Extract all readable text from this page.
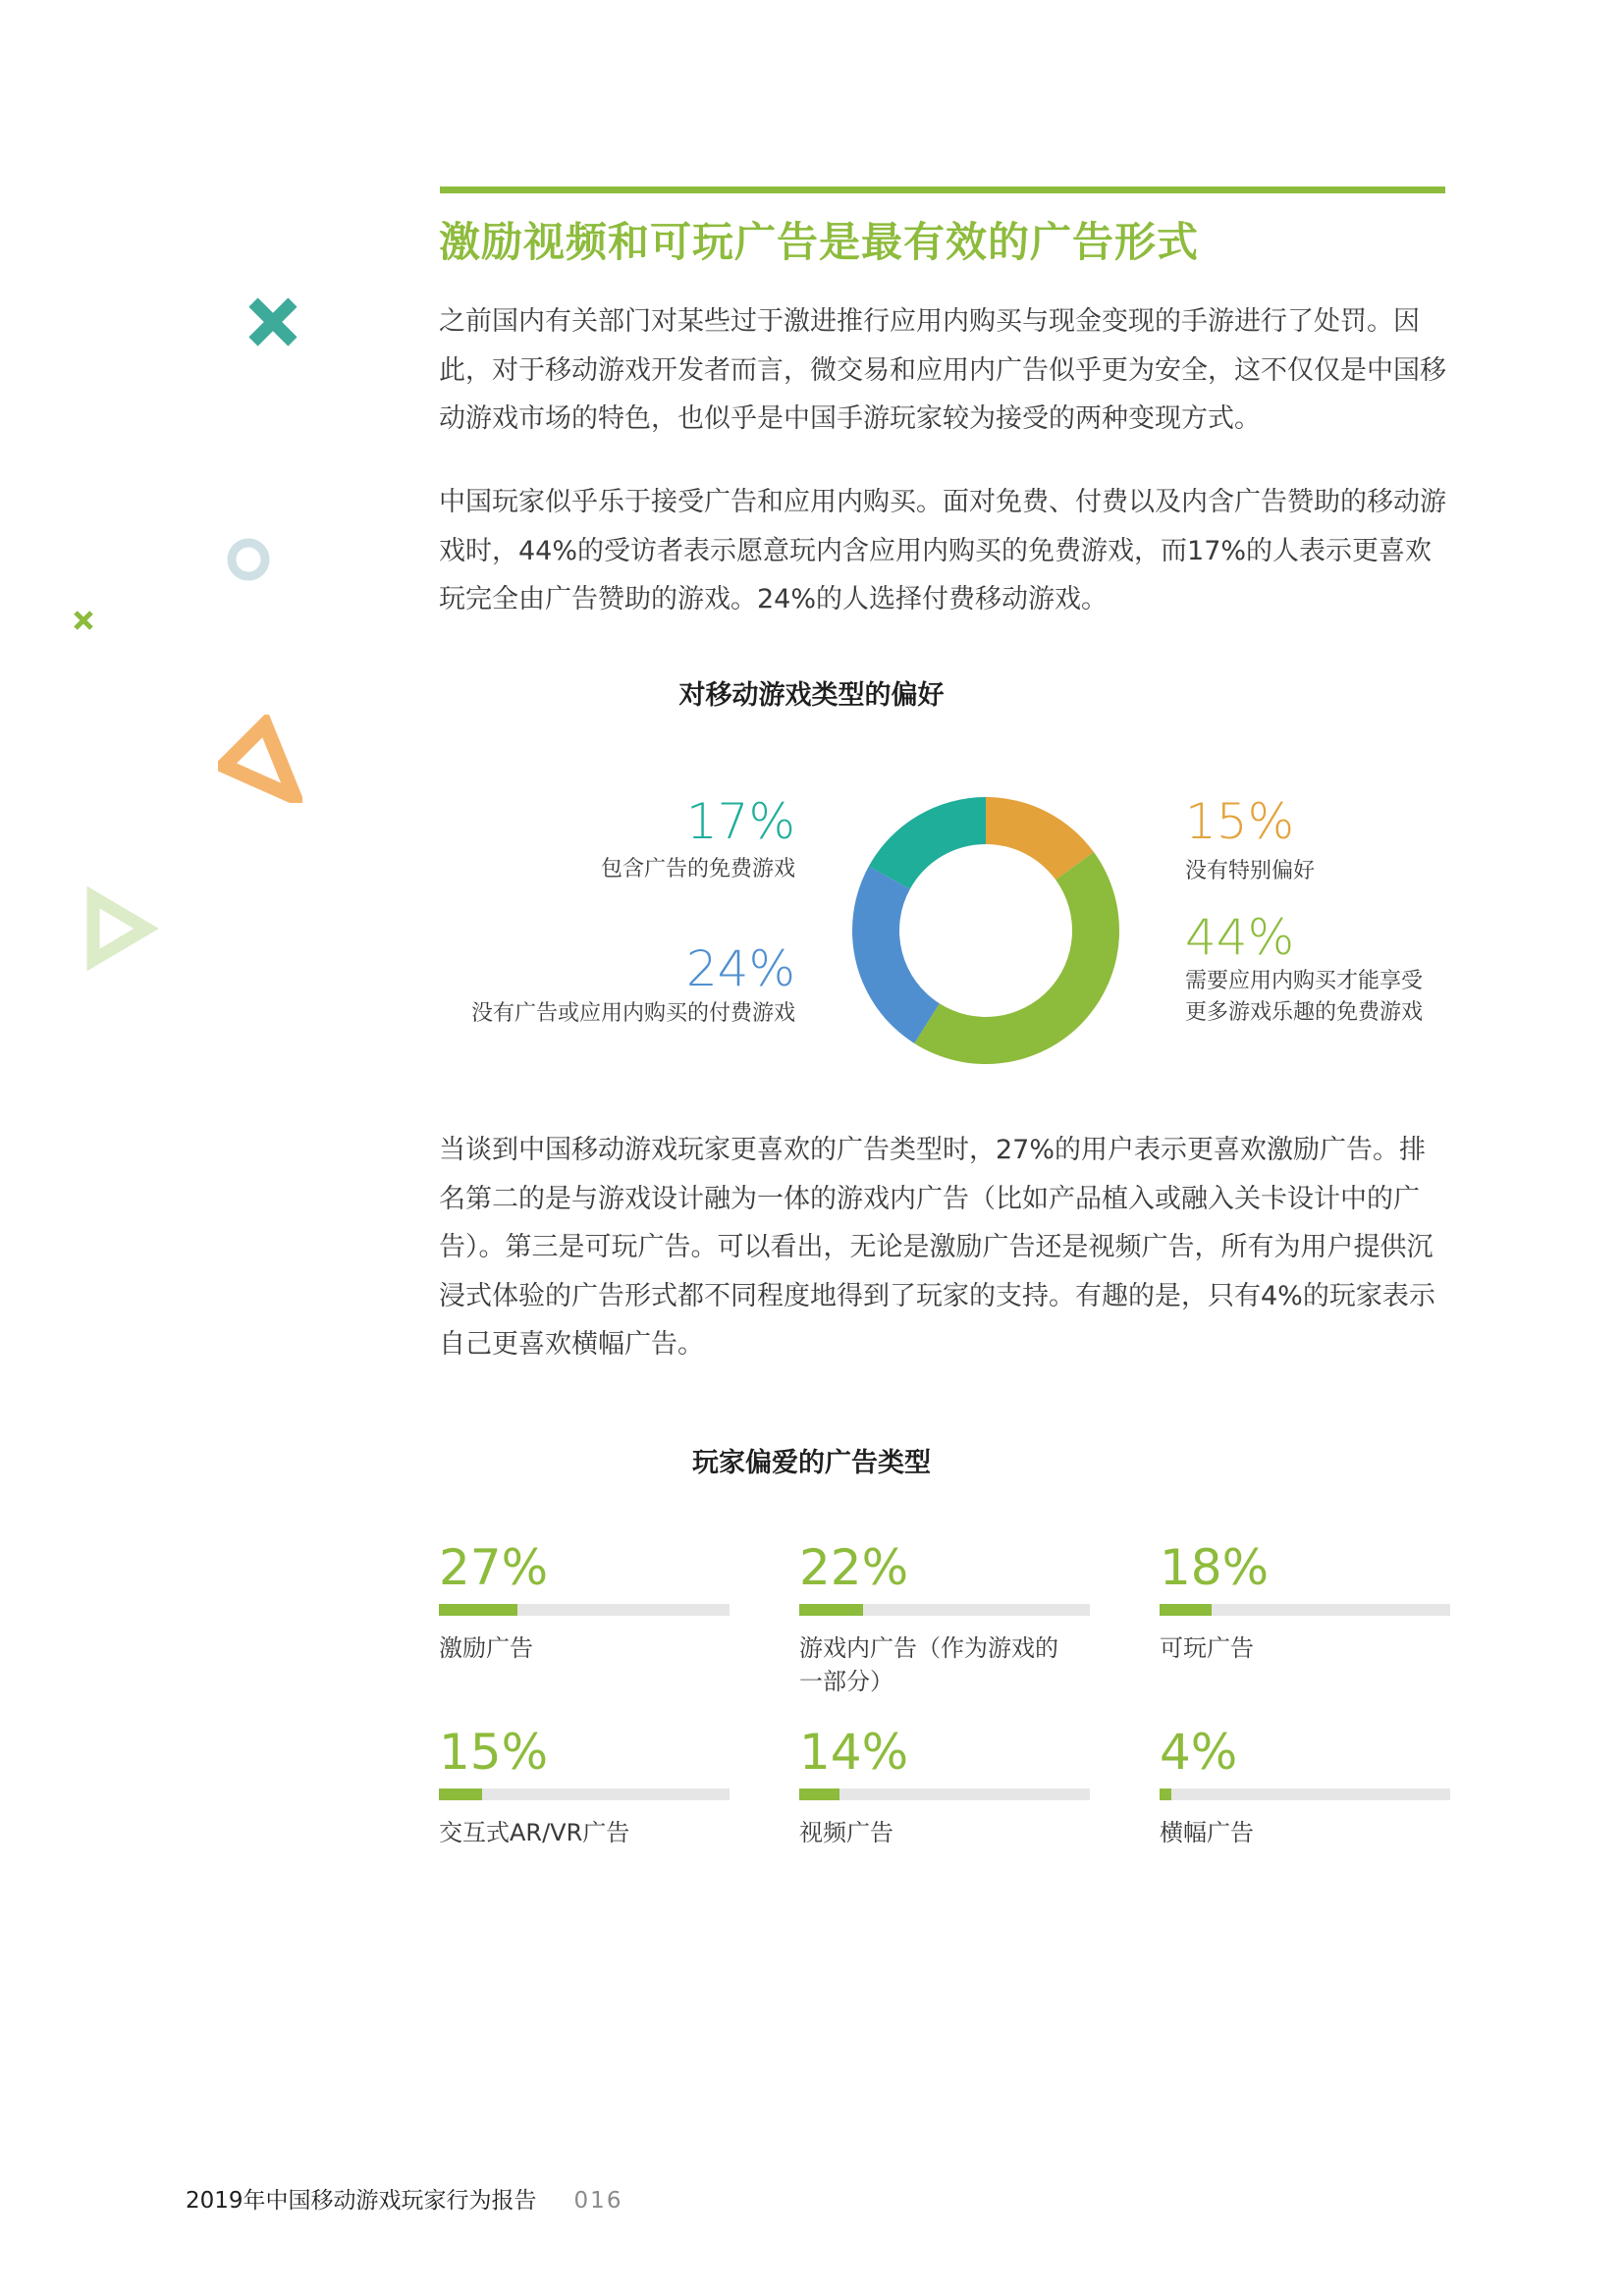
激励视频和可玩广告是最有效的广告形式
之前国内有关部门对某些过于激进推行应用内购买与现金变现的手游进行了处罚。因此，对于移动游戏开发者而言，微交易和应用内广告似乎更为安全，这不仅仅是中国移动游戏市场的特色，也似乎是中国手游玩家较为接受的两种变现方式。
中国玩家似乎乐于接受广告和应用内购买。面对免费、付费以及内含广告赞助的移动游戏时，44%的受访者表示愿意玩内含应用内购买的免费游戏，而17%的人表示更喜欢玩完全由广告赞助的游戏。24%的人选择付费移动游戏。
对移动游戏类型的偏好
17%
包含广告的免费游戏
24%
没有广告或应用内购买的付费游戏
15%
没有特别偏好
44%
需要应用内购买才能享受
更多游戏乐趣的免费游戏
当谈到中国移动游戏玩家更喜欢的广告类型时，27%的用户表示更喜欢激励广告。排名第二的是与游戏设计融为一体的游戏内广告（比如产品植入或融入关卡设计中的广告）。第三是可玩广告。可以看出，无论是激励广告还是视频广告，所有为用户提供沉浸式体验的广告形式都不同程度地得到了玩家的支持。有趣的是，只有4%的玩家表示自己更喜欢横幅广告。
玩家偏爱的广告类型
27%
激励广告
22%
游戏内广告（作为游戏的
一部分）
18%
可玩广告
15%
交互式AR/VR广告
14%
视频广告
4%
横幅广告
2019年中国移动游戏玩家行为报告 016
